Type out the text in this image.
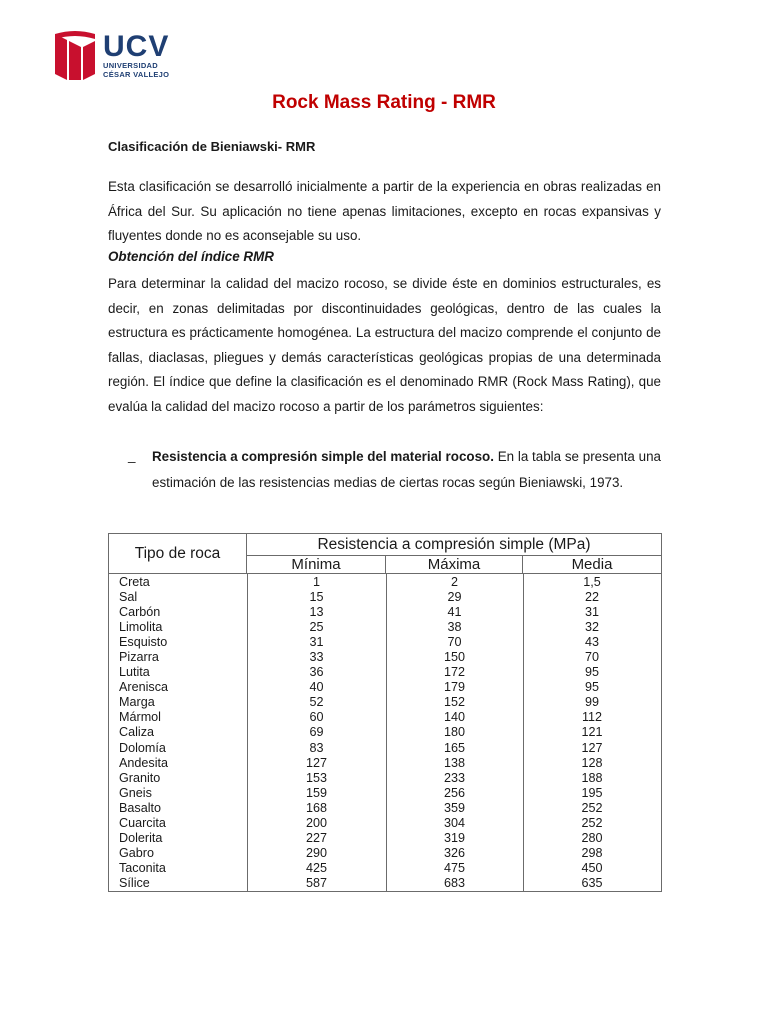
UCV
UNIVERSIDAD
CÉSAR VALLEJO
Rock Mass Rating - RMR
Clasificación de Bieniawski- RMR
Esta clasificación se desarrolló inicialmente a partir de la experiencia en obras realizadas en África del Sur. Su aplicación no tiene apenas limitaciones, excepto en rocas expansivas y fluyentes donde no es aconsejable su uso.
Obtención del índice RMR
Para determinar la calidad del macizo rocoso, se divide éste en dominios estructurales, es decir, en zonas delimitadas por discontinuidades geológicas, dentro de las cuales la estructura es prácticamente homogénea. La estructura del macizo comprende el conjunto de fallas, diaclasas, pliegues y demás características geológicas propias de una determinada región. El índice que define la clasificación es el denominado RMR (Rock Mass Rating), que evalúa la calidad del macizo rocoso a partir de los parámetros siguientes:
_ Resistencia a compresión simple del material rocoso. En la tabla se presenta una estimación de las resistencias medias de ciertas rocas según Bieniawski, 1973.
Tipo de roca
Resistencia a compresión simple (MPa)
Mínima	Máxima	Media
Creta	1	2	1,5
Sal	15	29	22
Carbón	13	41	31
Limolita	25	38	32
Esquisto	31	70	43
Pizarra	33	150	70
Lutita	36	172	95
Arenisca	40	179	95
Marga	52	152	99
Mármol	60	140	112
Caliza	69	180	121
Dolomía	83	165	127
Andesita	127	138	128
Granito	153	233	188
Gneis	159	256	195
Basalto	168	359	252
Cuarcita	200	304	252
Dolerita	227	319	280
Gabro	290	326	298
Taconita	425	475	450
Sílice	587	683	635
